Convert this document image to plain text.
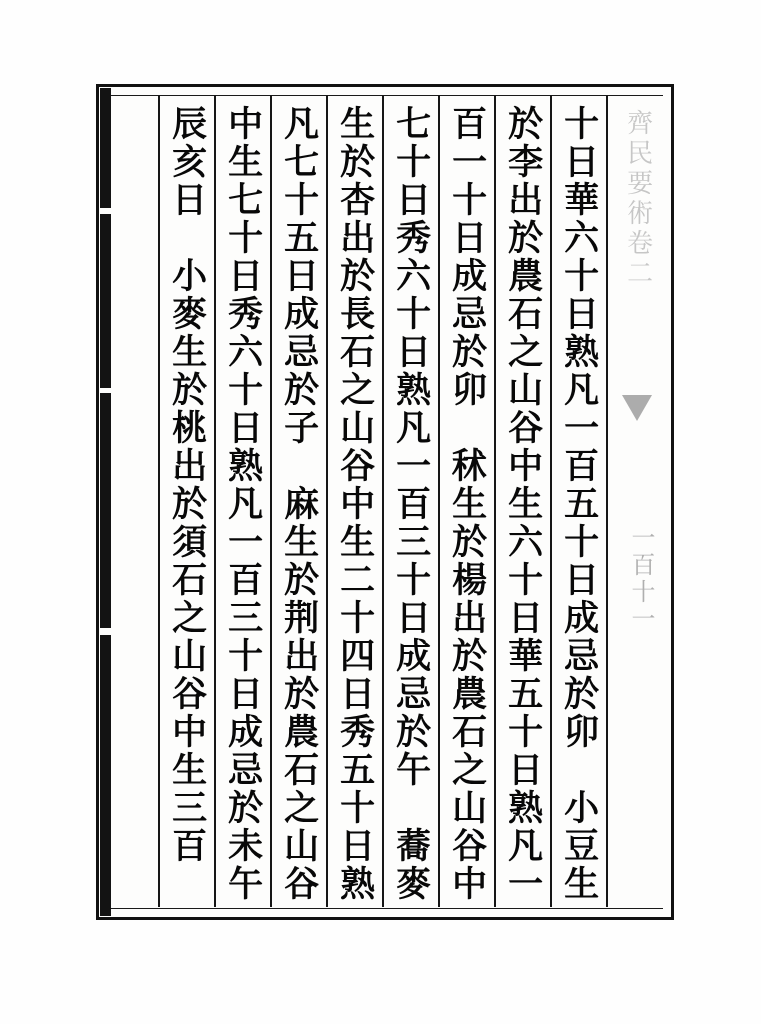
齊民要術卷二
一百十一
十日華六十日熟凡一百五十日成忌於卯　小豆生
於李出於農石之山谷中生六十日華五十日熟凡一
百一十日成忌於卯　秫生於楊出於農石之山谷中
七十日秀六十日熟凡一百三十日成忌於午　蕎麥
生於杏出於長石之山谷中生二十四日秀五十日熟
凡七十五日成忌於子　麻生於荆出於農石之山谷
中生七十日秀六十日熟凡一百三十日成忌於未午
辰亥日　小麥生於桃出於須石之山谷中生三百
